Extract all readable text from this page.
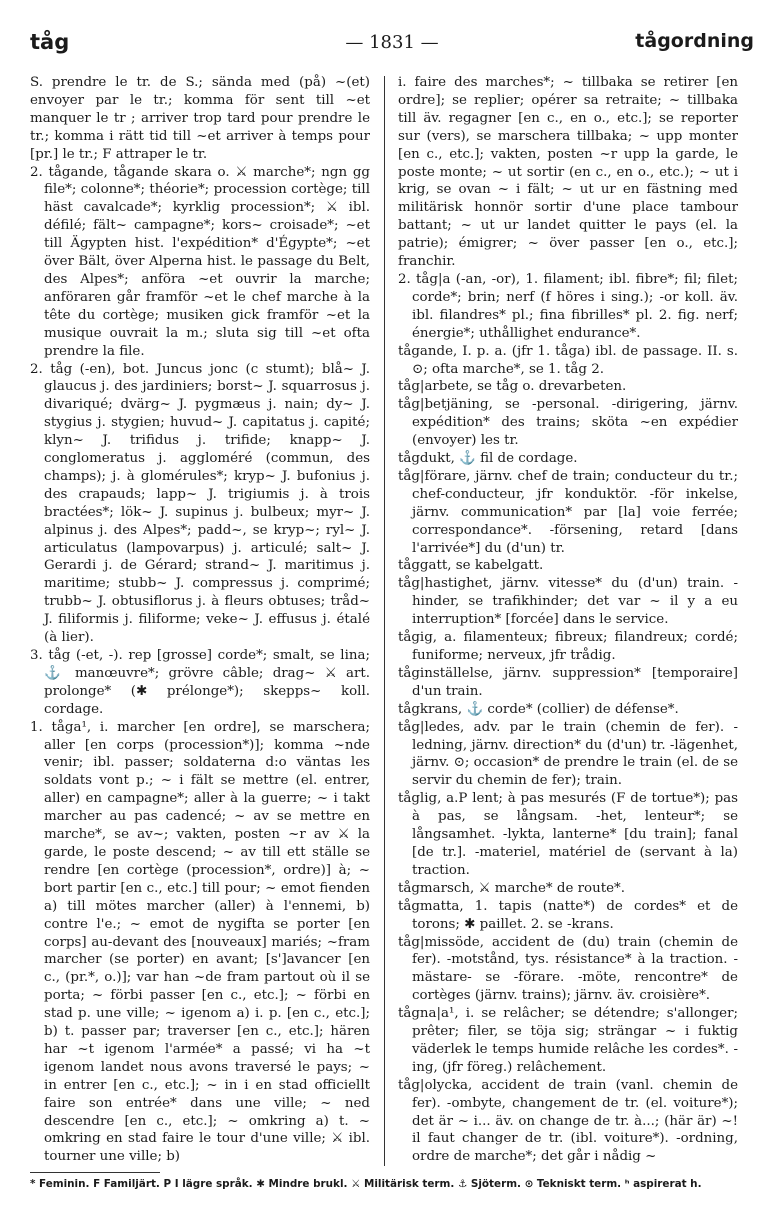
tåg	— 1831 —	tågordning

S. prendre le tr. de S.; sända med (på) ~(et) envoyer par le tr.; komma för sent till ~et manquer le tr ; arriver trop tard pour prendre le tr.; komma i rätt tid till ~et arriver à temps pour [pr.] le tr.; F attraper le tr.

2. tågande, tågande skara o. ⚔ marche*; ngn gg file*; colonne*; théorie*; procession cortège; till häst cavalcade*; kyrklig procession*; ⚔ ibl. défilé; fält~ campagne*; kors~ croisade*; ~et till Ägypten hist. l'expédition* d'Égypte*; ~et över Bält, över Alperna hist. le passage du Belt, des Alpes*; anföra ~et ouvrir la marche; anföraren går framför ~et le chef marche à la tête du cortège; musiken gick framför ~et la musique ouvrait la m.; sluta sig till ~et ofta prendre la file.

2. tåg (-en), bot. Juncus jonc (c stumt); blå~ J. glaucus j. des jardiniers; borst~ J. squarrosus j. divariqué; dvärg~ J. pygmæus j. nain; dy~ J. stygius j. stygien; huvud~ J. capitatus j. capité; klyn~ J. trifidus j. trifide; knapp~ J. conglomeratus j. aggloméré (commun, des champs); j. à glomérules*; kryp~ J. bufonius j. des crapauds; lapp~ J. trigiumis j. à trois bractées*; lök~ J. supinus j. bulbeux; myr~ J. alpinus j. des Alpes*; padd~, se kryp~; ryl~ J. articulatus (lampovarpus) j. articulé; salt~ J. Gerardi j. de Gérard; strand~ J. maritimus j. maritime; stubb~ J. compressus j. comprimé; trubb~ J. obtusiflorus j. à fleurs obtuses; tråd~ J. filiformis j. filiforme; veke~ J. effusus j. étalé (à lier).

3. tåg (-et, -). rep [grosse] corde*; smalt, se lina; ⚓ manœuvre*; grövre câble; drag~ ⚔ art. prolonge* (✱ prélonge*); skepps~ koll. cordage.

1. tåga¹, i. marcher [en ordre], se marschera; aller [en corps (procession*)]; komma ~nde venir; ibl. passer; soldaterna d:o väntas les soldats vont p.; ~ i fält se mettre (el. entrer, aller) en campagne*; aller à la guerre; ~ i takt marcher au pas cadencé; ~ av se mettre en marche*, se av~; vakten, posten ~r av ⚔ la garde, le poste descend; ~ av till ett ställe se rendre [en cortège (procession*, ordre)] à; ~ bort partir [en c., etc.] till pour; ~ emot fienden a) till mötes marcher (aller) à l'ennemi, b) contre l'e.; ~ emot de nygifta se porter [en corps] au-devant des [nouveaux] mariés; ~fram marcher (se porter) en avant; [s']avancer [en c., (pr.*, o.)]; var han ~de fram partout où il se porta; ~ förbi passer [en c., etc.]; ~ förbi en stad p. une ville; ~ igenom a) i. p. [en c., etc.]; b) t. passer par; traverser [en c., etc.]; hären har ~t igenom l'armée* a passé; vi ha ~t igenom landet nous avons traversé le pays; ~ in entrer [en c., etc.]; ~ in i en stad officiellt faire son entrée* dans une ville; ~ ned descendre [en c., etc.]; ~ omkring a) t. ~ omkring en stad faire le tour d'une ville; ⚔ ibl. tourner une ville; b)

i. faire des marches*; ~ tillbaka se retirer [en ordre]; se replier; opérer sa retraite; ~ tillbaka till äv. regagner [en c., en o., etc.]; se reporter sur (vers), se marschera tillbaka; ~ upp monter [en c., etc.]; vakten, posten ~r upp la garde, le poste monte; ~ ut sortir (en c., en o., etc.); ~ ut i krig, se ovan ~ i fält; ~ ut ur en fästning med militärisk honnör sortir d'une place tambour battant; ~ ut ur landet quitter le pays (el. la patrie); émigrer; ~ över passer [en o., etc.]; franchir.

2. tåg|a (-an, -or), 1. filament; ibl. fibre*; fil; filet; corde*; brin; nerf (f höres i sing.); -or koll. äv. ibl. filandres* pl.; fina fibrilles* pl. 2. fig. nerf; énergie*; uthållighet endurance*.

tågande, I. p. a. (jfr 1. tåga) ibl. de passage. II. s. ⊙; ofta marche*, se 1. tåg 2.

tåg|arbete, se tåg o. drevarbeten.

tåg|betjäning, se -personal. -dirigering, järnv. expédition* des trains; sköta ~en expédier (envoyer) les tr.

tågdukt, ⚓ fil de cordage.

tåg|förare, järnv. chef de train; conducteur du tr.; chef-conducteur, jfr konduktör. -för inkelse, järnv. communication* par [la] voie ferrée; correspondance*. -försening, retard [dans l'arrivée*] du (d'un) tr.

tåggatt, se kabelgatt.

tåg|hastighet, järnv. vitesse* du (d'un) train. -hinder, se trafikhinder; det var ~ il y a eu interruption* [forcée] dans le service.

tågig, a. filamenteux; fibreux; filandreux; cordé; funiforme; nerveux, jfr trådig.

tåginställelse, järnv. suppression* [temporaire] d'un train.

tågkrans, ⚓ corde* (collier) de défense*.

tåg|ledes, adv. par le train (chemin de fer). -ledning, järnv. direction* du (d'un) tr. -lägenhet, järnv. ⊙; occasion* de prendre le train (el. de se servir du chemin de fer); train.

tåglig, a.P lent; à pas mesurés (F de tortue*); pas à pas, se långsam. -het, lenteur*; se långsamhet. -lykta, lanterne* [du train]; fanal [de tr.]. -materiel, matériel de (servant à la) traction.

tågmarsch, ⚔ marche* de route*.

tågmatta, 1. tapis (natte*) de cordes* et de torons; ✱ paillet. 2. se -krans.

tåg|missöde, accident de (du) train (chemin de fer). -motstånd, tys. résistance* à la traction. -mästare- se -förare. -möte, rencontre* de cortèges (järnv. trains); järnv. äv. croisière*.

tågna|a¹, i. se relâcher; se détendre; s'allonger; prêter; filer, se töja sig; strängar ~ i fuktig väderlek le temps humide relâche les cordes*. -ing, (jfr föreg.) relâchement.

tåg|olycka, accident de train (vanl. chemin de fer). -ombyte, changement de tr. (el. voiture*); det är ~ i... äv. on change de tr. à...; (här är) ~! il faut changer de tr. (ibl. voiture*). -ordning, ordre de marche*; det går i nådig ~

* Feminin. F Familjärt. P I lägre språk. ✱ Mindre brukl. ⚔ Militärisk term. ⚓ Sjöterm. ⊙ Tekniskt term. ʰ aspirerat h.
